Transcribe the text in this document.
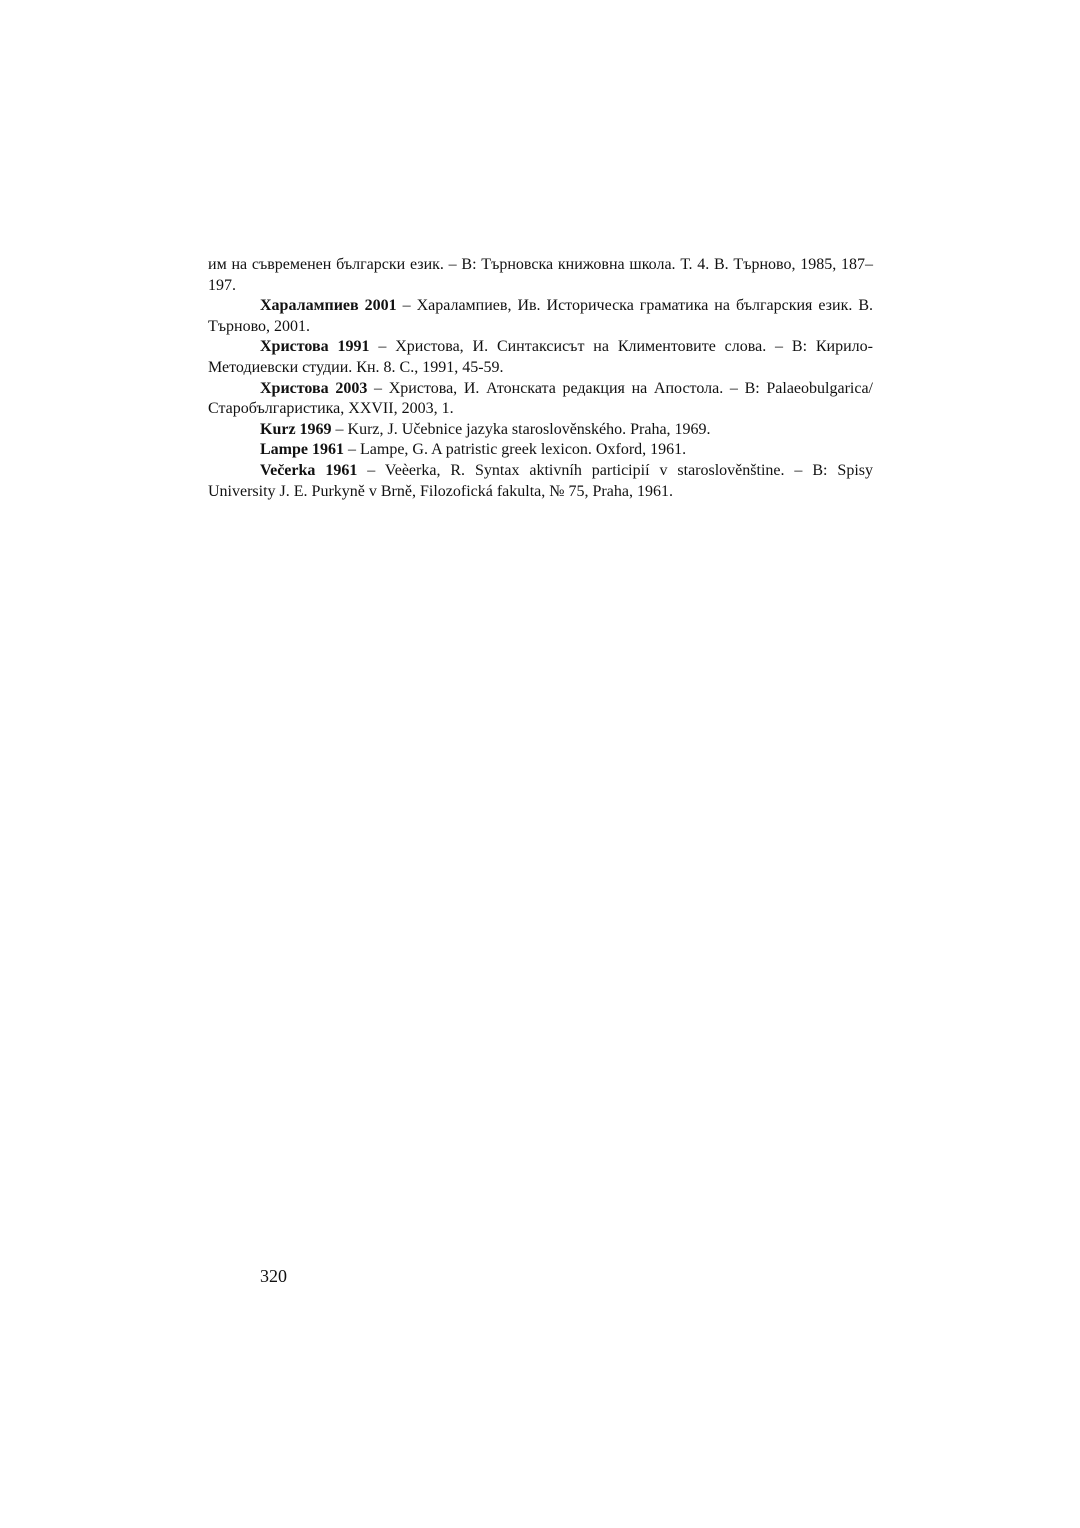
им на съвременен български език. – В: Търновска книжовна школа. Т. 4. В. Търново, 1985, 187–197.

Харалампиев 2001 – Харалампиев, Ив. Историческа граматика на българския език. В. Търново, 2001.

Христова 1991 – Христова, И. Синтаксисът на Климентовите слова. – В: Кирило-Методиевски студии. Кн. 8. С., 1991, 45-59.

Христова 2003 – Христова, И. Атонската редакция на Апостола. – В: Palaeobulgarica/ Старобългаристика, XXVII, 2003, 1.

Kurz 1969 – Kurz, J. Učebnice jazyka staroslověnského. Praha, 1969.

Lampe 1961 – Lampe, G. A patristic greek lexicon. Oxford, 1961.

Večerka 1961 – Veèerka, R. Syntax aktivníh participií v staroslověnštine. – B: Spisy University J. E. Purkyně v Brně, Filozofická fakulta, № 75, Praha, 1961.

320
